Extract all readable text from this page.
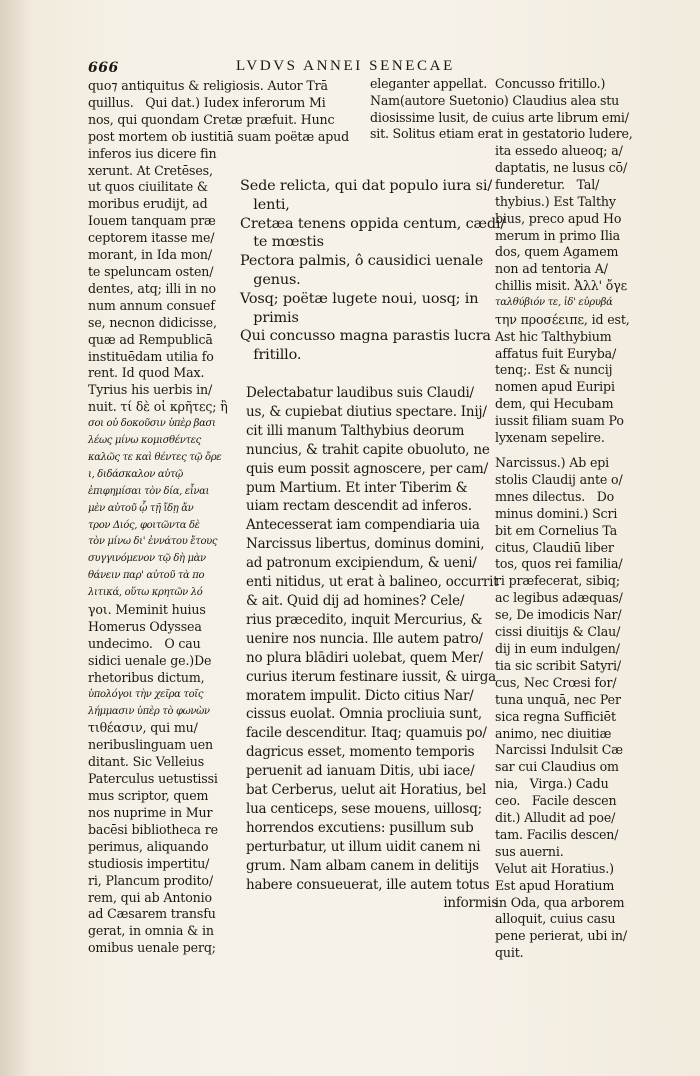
666	LVDVS ANNEI SENECAE
quo⁊ antiquitus & religiosis. Autor Trā
quillus.   Qui dat.) Iudex inferorum Mi
nos, qui quondam Cretæ præfuit. Hunc
post mortem ob iustitiā suam poëtæ apud
inferos ius dicere fin
xerunt. At Cretēses,
ut quos ciuilitate &
moribus erudijt, ad
Iouem tanquam præ
ceptorem itasse me/
morant, in Ida mon/
te speluncam osten/
dentes, atq; illi in no
num annum consuef
se, necnon didicisse,
quæ ad Rempublicā
instituēdam utilia fo
rent. Id quod Max.
Tyrius his uerbis in/
nuit. τί δὲ οἱ κρῆτες; ἢ
σοι οὐ δοκοῦσιν ὑπὲρ βασι
λέως μίνω κομισθέντες
καλῶς τε καὶ θέντες τῷ ὄρε
ι, διδάσκαλον αὐτῷ
ἐπιφημίσαι τὸν δία, εἶναι
μὲν αὐτοῦ ᾧ τῇ ἴδῃ ἄν
τρον Διός, φοιτῶντα δὲ
τὸν μίνω δι' ἐννάτου ἔτους
συγγινόμενον τῷ δὴ μὰν
θάνειν παρ' αὐτοῦ τὰ πο
λιτικά, οὕτω κρητῶν λό
γοι. Meminit huius
Homerus Odyssea
undecimo.   O cau
sidici uenale ge.)De
rhetoribus dictum,
ὑπολόγοι τὴν χεῖρα τοῖς
λήμμασιν ὑπὲρ τὸ φωνὼν
τιθέασιν, qui mu/
neribuslinguam uen
ditant. Sic Velleius
Paterculus uetustissi
mus scriptor, quem
nos nuprime in Mur
bacēsi bibliotheca re
perimus, aliquando
studiosis impertitu/
ri, Plancum prodito/
rem, qui ab Antonio
ad Cæsarem transfu
gerat, in omnia & in
omibus uenale perq;
eleganter appellat.
Nam(autore Suetonio) Claudius alea stu
diosissime lusit, de cuius arte librum emi/
sit. Solitus etiam erat in gestatorio ludere,
Sede relicta, qui dat populo iura si/
lenti,
Cretæa tenens oppida centum, cædi/
te mœstis
Pectora palmis, ô causidici uenale
genus.
Vosq; poëtæ lugete noui, uosq; in
primis
Qui concusso magna parastis lucra
fritillo.
Delectabatur laudibus suis Claudi/
us, & cupiebat diutius spectare. Inij/
cit illi manum Talthybius deorum
nuncius, & trahit capite obuoluto, ne
quis eum possit agnoscere, per cam/
pum Martium. Et inter Tiberim &
uiam rectam descendit ad inferos.
Antecesserat iam compendiaria uia
Narcissus libertus, dominus domini,
ad patronum excipiendum, & ueni/
enti nitidus, ut erat à balineo, occurrit
& ait. Quid dij ad homines? Cele/
rius præcedito, inquit Mercurius, &
uenire nos nuncia. Ille autem patro/
no plura blādiri uolebat, quem Mer/
curius iterum festinare iussit, & uirga
moratem impulit. Dicto citius Nar/
cissus euolat. Omnia procliuia sunt,
facile descenditur. Itaq; quamuis po/
dagricus esset, momento temporis
peruenit ad ianuam Ditis, ubi iace/
bat Cerberus, uelut ait Horatius, bel
lua centiceps, sese mouens, uillosq;
horrendos excutiens: pusillum sub
perturbatur, ut illum uidit canem ni
grum. Nam albam canem in delitijs
habere consueuerat, ille autem totus
informis
Concusso fritillo.)

ita essedo alueoq; a/
daptatis, ne lusus cō/
funderetur.   Tal/
thybius.) Est Talthy
bius, preco apud Ho
merum in primo Ilia
dos, quem Agamem
non ad tentoria A/
chillis misit. Ἀλλ' ὄγε
ταλθύβιόν τε, ἰδ' εὐρυβά
την προσέειπε, id est,
Ast hic Talthybium
affatus fuit Euryba/
tenq;. Est & nuncij
nomen apud Euripi
dem, qui Hecubam
iussit filiam suam Po
lyxenam sepelire.
Narcissus.) Ab epi
stolis Claudij ante o/
mnes dilectus.   Do
minus domini.) Scri
bit em Cornelius Ta
citus, Claudiū liber
tos, quos rei familia/
ri præfecerat, sibiq;
ac legibus adæquas/
se, De imodicis Nar/
cissi diuitijs & Clau/
dij in eum indulgen/
tia sic scribit Satyri/
cus, Nec Crœsi for/
tuna unquā, nec Per
sica regna Sufficiēt
animo, nec diuitiæ
Narcissi Indulsit Cæ
sar cui Claudius om
nia,   Virga.) Cadu
ceo.   Facile descen
dit.) Alludit ad poe/
tam. Facilis descen/
sus auerni.
Velut ait Horatius.)
Est apud Horatium
in Oda, qua arborem
alloquit, cuius casu
pene perierat, ubi in/
quit.
